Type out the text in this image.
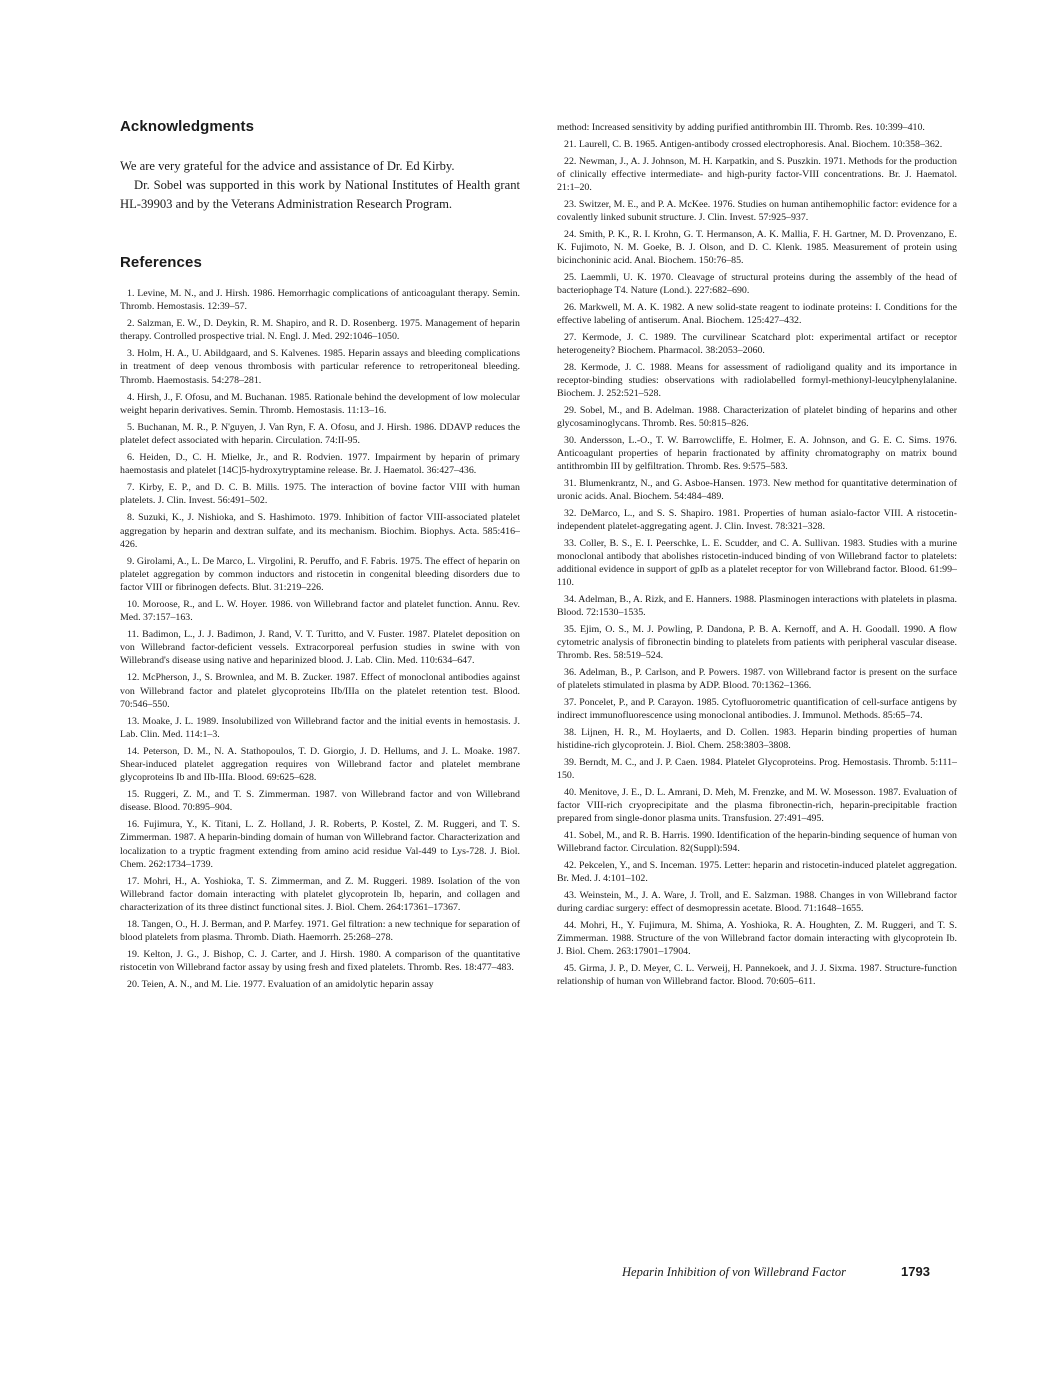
Acknowledgments

We are very grateful for the advice and assistance of Dr. Ed Kirby.

Dr. Sobel was supported in this work by National Institutes of Health grant HL-39903 and by the Veterans Administration Research Program.

References

1. Levine, M. N., and J. Hirsh. 1986. Hemorrhagic complications of anticoagulant therapy. Semin. Thromb. Hemostasis. 12:39–57.

2. Salzman, E. W., D. Deykin, R. M. Shapiro, and R. D. Rosenberg. 1975. Management of heparin therapy. Controlled prospective trial. N. Engl. J. Med. 292:1046–1050.

3. Holm, H. A., U. Abildgaard, and S. Kalvenes. 1985. Heparin assays and bleeding complications in treatment of deep venous thrombosis with particular reference to retroperitoneal bleeding. Thromb. Haemostasis. 54:278–281.

4. Hirsh, J., F. Ofosu, and M. Buchanan. 1985. Rationale behind the development of low molecular weight heparin derivatives. Semin. Thromb. Hemostasis. 11:13–16.

5. Buchanan, M. R., P. N'guyen, J. Van Ryn, F. A. Ofosu, and J. Hirsh. 1986. DDAVP reduces the platelet defect associated with heparin. Circulation. 74:II-95.

6. Heiden, D., C. H. Mielke, Jr., and R. Rodvien. 1977. Impairment by heparin of primary haemostasis and platelet [14C]5-hydroxytryptamine release. Br. J. Haematol. 36:427–436.

7. Kirby, E. P., and D. C. B. Mills. 1975. The interaction of bovine factor VIII with human platelets. J. Clin. Invest. 56:491–502.

8. Suzuki, K., J. Nishioka, and S. Hashimoto. 1979. Inhibition of factor VIII-associated platelet aggregation by heparin and dextran sulfate, and its mechanism. Biochim. Biophys. Acta. 585:416–426.

9. Girolami, A., L. De Marco, L. Virgolini, R. Peruffo, and F. Fabris. 1975. The effect of heparin on platelet aggregation by common inductors and ristocetin in congenital bleeding disorders due to factor VIII or fibrinogen defects. Blut. 31:219–226.

10. Moroose, R., and L. W. Hoyer. 1986. von Willebrand factor and platelet function. Annu. Rev. Med. 37:157–163.

11. Badimon, L., J. J. Badimon, J. Rand, V. T. Turitto, and V. Fuster. 1987. Platelet deposition on von Willebrand factor-deficient vessels. Extracorporeal perfusion studies in swine with von Willebrand's disease using native and heparinized blood. J. Lab. Clin. Med. 110:634–647.

12. McPherson, J., S. Brownlea, and M. B. Zucker. 1987. Effect of monoclonal antibodies against von Willebrand factor and platelet glycoproteins IIb/IIIa on the platelet retention test. Blood. 70:546–550.

13. Moake, J. L. 1989. Insolubilized von Willebrand factor and the initial events in hemostasis. J. Lab. Clin. Med. 114:1–3.

14. Peterson, D. M., N. A. Stathopoulos, T. D. Giorgio, J. D. Hellums, and J. L. Moake. 1987. Shear-induced platelet aggregation requires von Willebrand factor and platelet membrane glycoproteins Ib and IIb-IIIa. Blood. 69:625–628.

15. Ruggeri, Z. M., and T. S. Zimmerman. 1987. von Willebrand factor and von Willebrand disease. Blood. 70:895–904.

16. Fujimura, Y., K. Titani, L. Z. Holland, J. R. Roberts, P. Kostel, Z. M. Ruggeri, and T. S. Zimmerman. 1987. A heparin-binding domain of human von Willebrand factor. Characterization and localization to a tryptic fragment extending from amino acid residue Val-449 to Lys-728. J. Biol. Chem. 262:1734–1739.

17. Mohri, H., A. Yoshioka, T. S. Zimmerman, and Z. M. Ruggeri. 1989. Isolation of the von Willebrand factor domain interacting with platelet glycoprotein Ib, heparin, and collagen and characterization of its three distinct functional sites. J. Biol. Chem. 264:17361–17367.

18. Tangen, O., H. J. Berman, and P. Marfey. 1971. Gel filtration: a new technique for separation of blood platelets from plasma. Thromb. Diath. Haemorrh. 25:268–278.

19. Kelton, J. G., J. Bishop, C. J. Carter, and J. Hirsh. 1980. A comparison of the quantitative ristocetin von Willebrand factor assay by using fresh and fixed platelets. Thromb. Res. 18:477–483.

20. Teien, A. N., and M. Lie. 1977. Evaluation of an amidolytic heparin assay

method: Increased sensitivity by adding purified antithrombin III. Thromb. Res. 10:399–410.

21. Laurell, C. B. 1965. Antigen-antibody crossed electrophoresis. Anal. Biochem. 10:358–362.

22. Newman, J., A. J. Johnson, M. H. Karpatkin, and S. Puszkin. 1971. Methods for the production of clinically effective intermediate- and high-purity factor-VIII concentrations. Br. J. Haematol. 21:1–20.

23. Switzer, M. E., and P. A. McKee. 1976. Studies on human antihemophilic factor: evidence for a covalently linked subunit structure. J. Clin. Invest. 57:925–937.

24. Smith, P. K., R. I. Krohn, G. T. Hermanson, A. K. Mallia, F. H. Gartner, M. D. Provenzano, E. K. Fujimoto, N. M. Goeke, B. J. Olson, and D. C. Klenk. 1985. Measurement of protein using bicinchoninic acid. Anal. Biochem. 150:76–85.

25. Laemmli, U. K. 1970. Cleavage of structural proteins during the assembly of the head of bacteriophage T4. Nature (Lond.). 227:682–690.

26. Markwell, M. A. K. 1982. A new solid-state reagent to iodinate proteins: I. Conditions for the effective labeling of antiserum. Anal. Biochem. 125:427–432.

27. Kermode, J. C. 1989. The curvilinear Scatchard plot: experimental artifact or receptor heterogeneity? Biochem. Pharmacol. 38:2053–2060.

28. Kermode, J. C. 1988. Means for assessment of radioligand quality and its importance in receptor-binding studies: observations with radiolabelled formyl-methionyl-leucylphenylalanine. Biochem. J. 252:521–528.

29. Sobel, M., and B. Adelman. 1988. Characterization of platelet binding of heparins and other glycosaminoglycans. Thromb. Res. 50:815–826.

30. Andersson, L.-O., T. W. Barrowcliffe, E. Holmer, E. A. Johnson, and G. E. C. Sims. 1976. Anticoagulant properties of heparin fractionated by affinity chromatography on matrix bound antithrombin III by gelfiltration. Thromb. Res. 9:575–583.

31. Blumenkrantz, N., and G. Asboe-Hansen. 1973. New method for quantitative determination of uronic acids. Anal. Biochem. 54:484–489.

32. DeMarco, L., and S. S. Shapiro. 1981. Properties of human asialo-factor VIII. A ristocetin-independent platelet-aggregating agent. J. Clin. Invest. 78:321–328.

33. Coller, B. S., E. I. Peerschke, L. E. Scudder, and C. A. Sullivan. 1983. Studies with a murine monoclonal antibody that abolishes ristocetin-induced binding of von Willebrand factor to platelets: additional evidence in support of gpIb as a platelet receptor for von Willebrand factor. Blood. 61:99–110.

34. Adelman, B., A. Rizk, and E. Hanners. 1988. Plasminogen interactions with platelets in plasma. Blood. 72:1530–1535.

35. Ejim, O. S., M. J. Powling, P. Dandona, P. B. A. Kernoff, and A. H. Goodall. 1990. A flow cytometric analysis of fibronectin binding to platelets from patients with peripheral vascular disease. Thromb. Res. 58:519–524.

36. Adelman, B., P. Carlson, and P. Powers. 1987. von Willebrand factor is present on the surface of platelets stimulated in plasma by ADP. Blood. 70:1362–1366.

37. Poncelet, P., and P. Carayon. 1985. Cytofluorometric quantification of cell-surface antigens by indirect immunofluorescence using monoclonal antibodies. J. Immunol. Methods. 85:65–74.

38. Lijnen, H. R., M. Hoylaerts, and D. Collen. 1983. Heparin binding properties of human histidine-rich glycoprotein. J. Biol. Chem. 258:3803–3808.

39. Berndt, M. C., and J. P. Caen. 1984. Platelet Glycoproteins. Prog. Hemostasis. Thromb. 5:111–150.

40. Menitove, J. E., D. L. Amrani, D. Meh, M. Frenzke, and M. W. Mosesson. 1987. Evaluation of factor VIII-rich cryoprecipitate and the plasma fibronectin-rich, heparin-precipitable fraction prepared from single-donor plasma units. Transfusion. 27:491–495.

41. Sobel, M., and R. B. Harris. 1990. Identification of the heparin-binding sequence of human von Willebrand factor. Circulation. 82(Suppl):594.

42. Pekcelen, Y., and S. Inceman. 1975. Letter: heparin and ristocetin-induced platelet aggregation. Br. Med. J. 4:101–102.

43. Weinstein, M., J. A. Ware, J. Troll, and E. Salzman. 1988. Changes in von Willebrand factor during cardiac surgery: effect of desmopressin acetate. Blood. 71:1648–1655.

44. Mohri, H., Y. Fujimura, M. Shima, A. Yoshioka, R. A. Houghten, Z. M. Ruggeri, and T. S. Zimmerman. 1988. Structure of the von Willebrand factor domain interacting with glycoprotein Ib. J. Biol. Chem. 263:17901–17904.

45. Girma, J. P., D. Meyer, C. L. Verweij, H. Pannekoek, and J. J. Sixma. 1987. Structure-function relationship of human von Willebrand factor. Blood. 70:605–611.

Heparin Inhibition of von Willebrand Factor	1793
